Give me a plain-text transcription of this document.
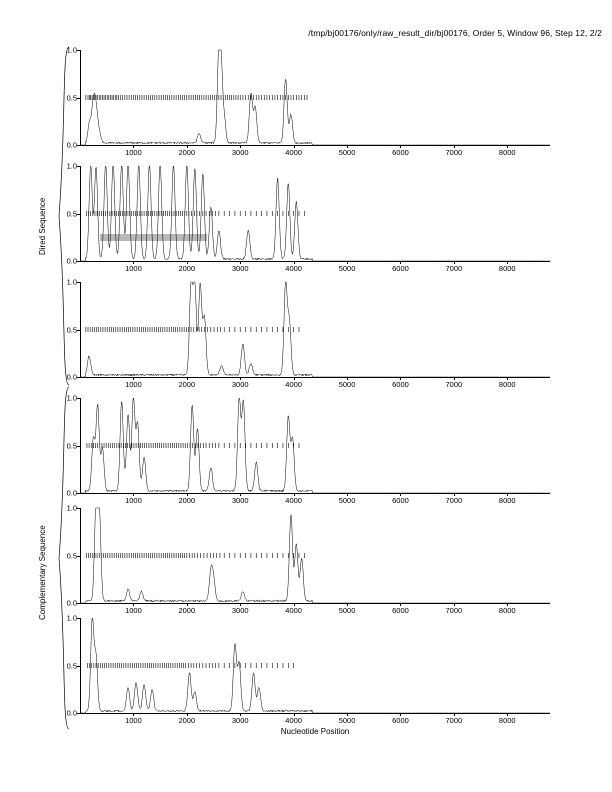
/tmp/bj00176/only/raw_result_dir/bj00176, Order 5, Window 96, Step 12, 2/2
Dired Sequence
Complementary Sequence
0.0
0.5
1.0
1000	2000	3000	4000	5000	6000	7000	8000
0.0
0.5
1.0
1000	2000	3000	4000	5000	6000	7000	8000
0.0
0.5
1.0
1000	2000	3000	4000	5000	6000	7000	8000
0.0
0.5
1.0
1000	2000	3000	4000	5000	6000	7000	8000
0.0
0.5
1.0
1000	2000	3000	4000	5000	6000	7000	8000
0.0
0.5
1.0
1000	2000	3000	4000	5000	6000	7000	8000
Nucleotide Position
